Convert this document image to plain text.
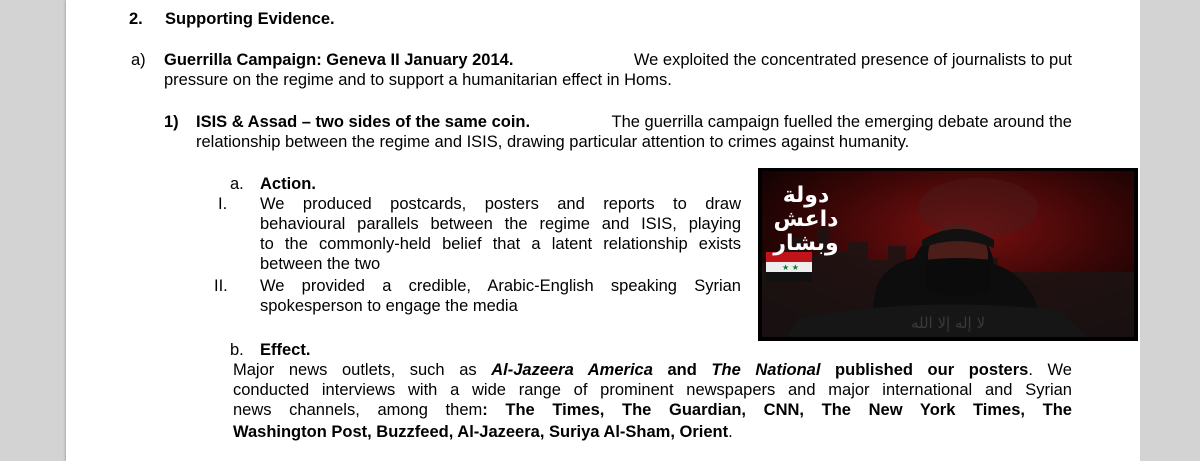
2. Supporting Evidence.
a) Guerrilla Campaign: Geneva II January 2014.	We exploited the concentrated presence of journalists to put
pressure on the regime and to support a humanitarian effect in Homs.
1) ISIS & Assad – two sides of the same coin.	The guerrilla campaign fuelled the emerging debate around the
relationship between the regime and ISIS, drawing particular attention to crimes against humanity.
a. Action.
I. We produced postcards, posters and reports to draw
behavioural parallels between the regime and ISIS, playing
to the commonly-held belief that a latent relationship exists
between the two
II. We provided a credible, Arabic-English speaking Syrian
spokesperson to engage the media
★ ★
دولة
داعش
وبشار
لا إله إلا الله
b. Effect.
Major news outlets, such as Al-Jazeera America and The National published our posters. We
conducted interviews with a wide range of prominent newspapers and major international and Syrian
news channels, among them: The Times, The Guardian, CNN, The New York Times, The
Washington Post, Buzzfeed, Al-Jazeera, Suriya Al-Sham, Orient.
